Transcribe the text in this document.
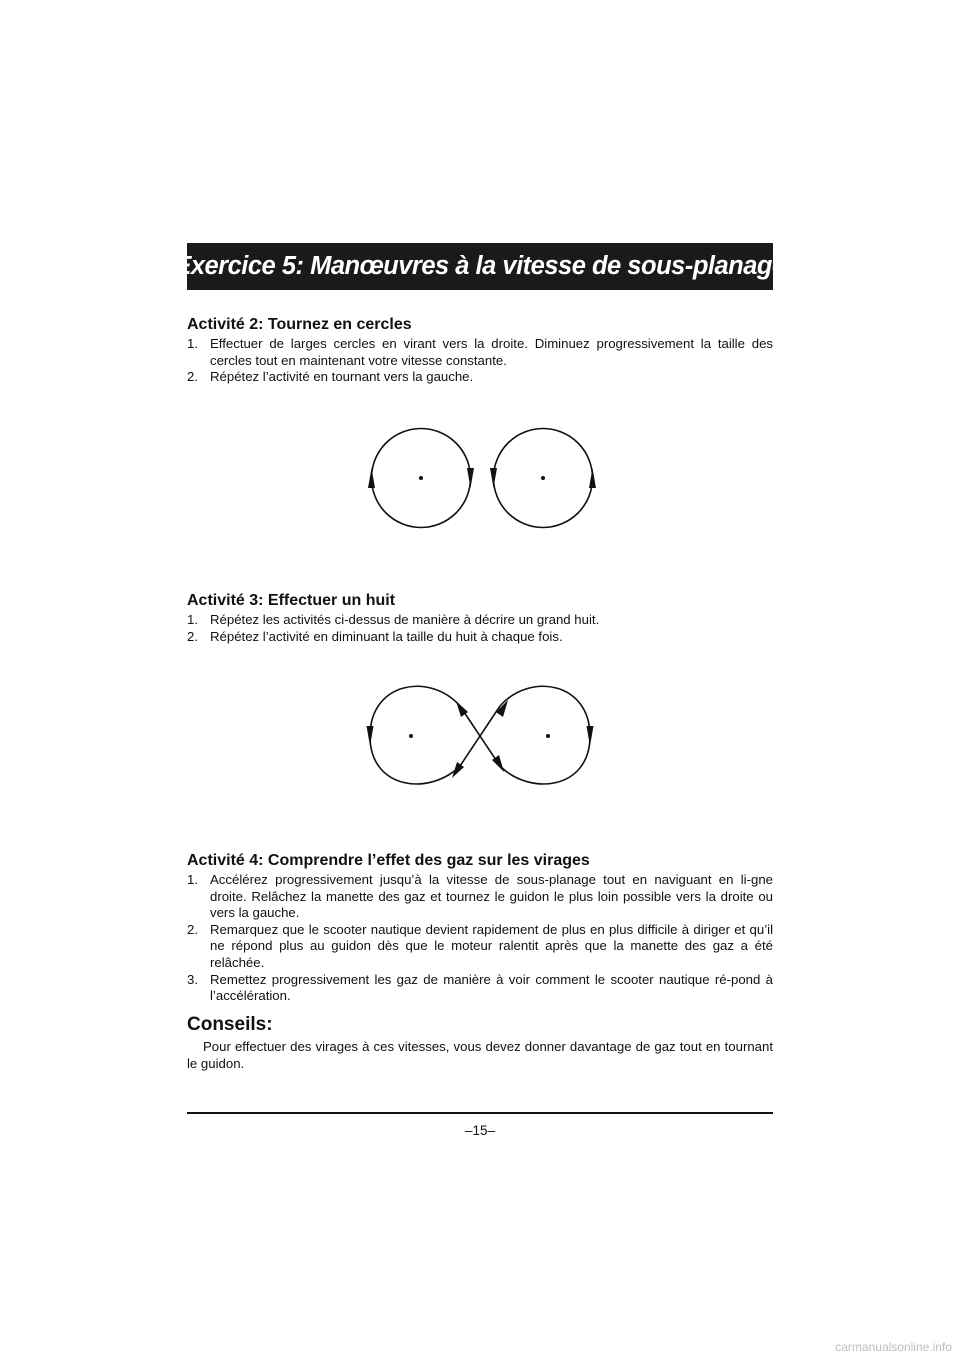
Exercice 5: Manœuvres à la vitesse de sous-planage
Activité 2: Tournez en cercles
1. Effectuer de larges cercles en virant vers la droite. Diminuez progressivement la taille des cercles tout en maintenant votre vitesse constante.
2. Répétez l’activité en tournant vers la gauche.
Activité 3: Effectuer un huit
1. Répétez les activités ci-dessus de manière à décrire un grand huit.
2. Répétez l’activité en diminuant la taille du huit à chaque fois.
Activité 4: Comprendre l’effet des gaz sur les virages
1. Accélérez progressivement jusqu’à la vitesse de sous-planage tout en naviguant en li-gne droite. Relâchez la manette des gaz et tournez le guidon le plus loin possible vers la droite ou vers la gauche.
2. Remarquez que le scooter nautique devient rapidement de plus en plus difficile à diriger et qu’il ne répond plus au guidon dès que le moteur ralentit après que la manette des gaz a été relâchée.
3. Remettez progressivement les gaz de manière à voir comment le scooter nautique ré-pond à l’accélération.
Conseils:

Pour effectuer des virages à ces vitesses, vous devez donner davantage de gaz tout en tournant le guidon.

–15–
carmanualsonline.info
